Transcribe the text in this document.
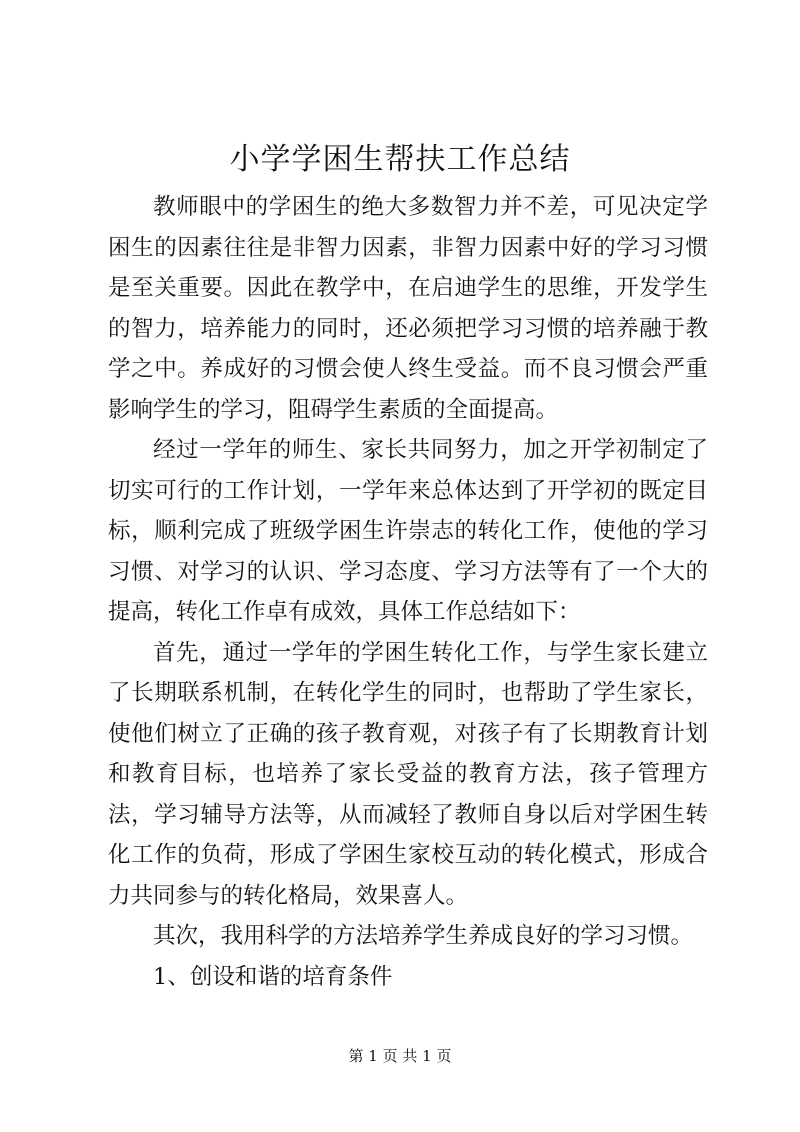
小学学困生帮扶工作总结

教师眼中的学困生的绝大多数智力并不差，可见决定学困生的因素往往是非智力因素，非智力因素中好的学习习惯是至关重要。因此在教学中，在启迪学生的思维，开发学生的智力，培养能力的同时，还必须把学习习惯的培养融于教学之中。养成好的习惯会使人终生受益。而不良习惯会严重影响学生的学习，阻碍学生素质的全面提高。

经过一学年的师生、家长共同努力，加之开学初制定了切实可行的工作计划，一学年来总体达到了开学初的既定目标，顺利完成了班级学困生许崇志的转化工作，使他的学习习惯、对学习的认识、学习态度、学习方法等有了一个大的提高，转化工作卓有成效，具体工作总结如下：

首先，通过一学年的学困生转化工作，与学生家长建立了长期联系机制，在转化学生的同时，也帮助了学生家长，使他们树立了正确的孩子教育观，对孩子有了长期教育计划和教育目标，也培养了家长受益的教育方法，孩子管理方法，学习辅导方法等，从而减轻了教师自身以后对学困生转化工作的负荷，形成了学困生家校互动的转化模式，形成合力共同参与的转化格局，效果喜人。

其次，我用科学的方法培养学生养成良好的学习习惯。

1、创设和谐的培育条件

第 1 页 共 1 页
